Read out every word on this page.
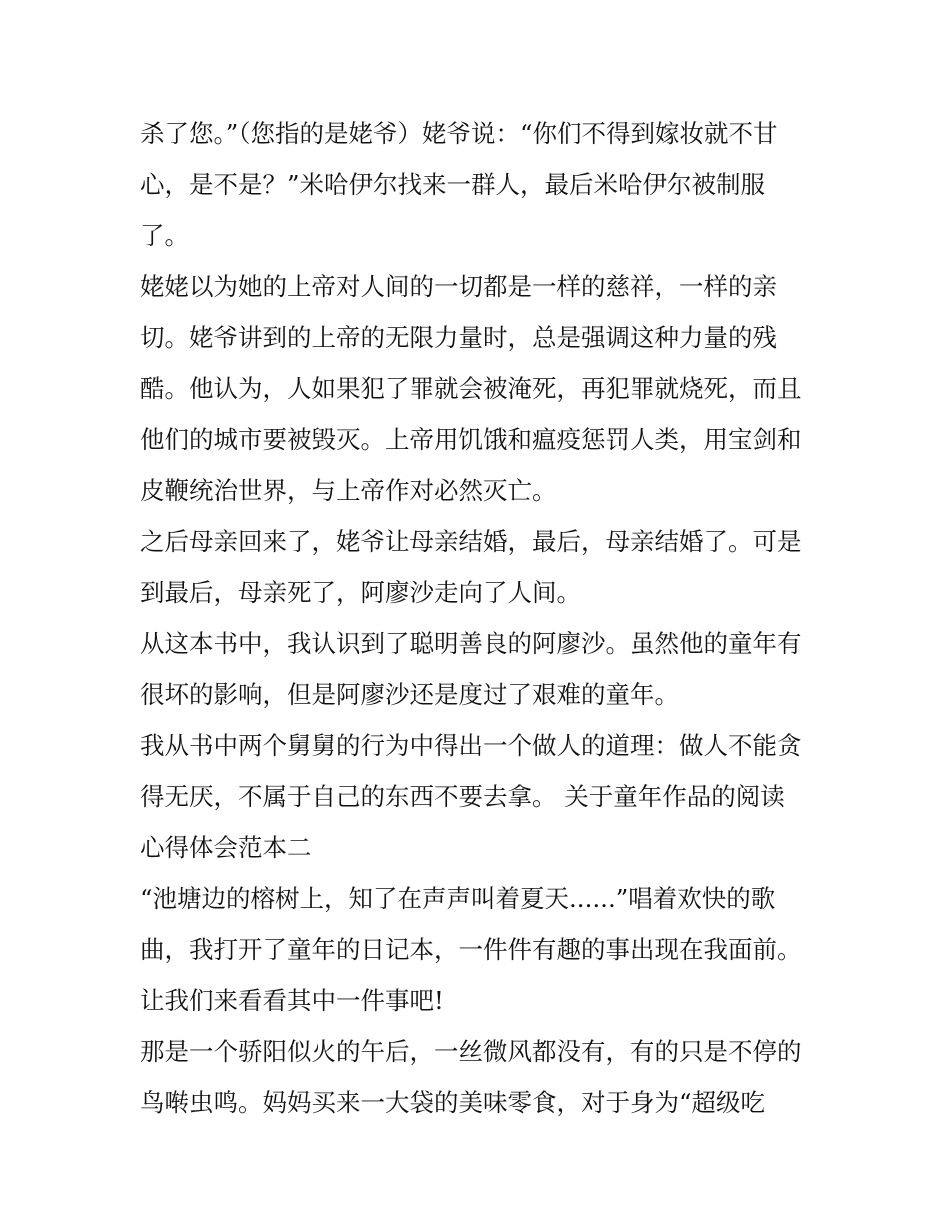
杀了您。”（您指的是姥爷）姥爷说：“你们不得到嫁妆就不甘
心，是不是？”米哈伊尔找来一群人，最后米哈伊尔被制服
了。
姥姥以为她的上帝对人间的一切都是一样的慈祥，一样的亲
切。姥爷讲到的上帝的无限力量时，总是强调这种力量的残
酷。他认为，人如果犯了罪就会被淹死，再犯罪就烧死，而且
他们的城市要被毁灭。上帝用饥饿和瘟疫惩罚人类，用宝剑和
皮鞭统治世界，与上帝作对必然灭亡。
之后母亲回来了，姥爷让母亲结婚，最后，母亲结婚了。可是
到最后，母亲死了，阿廖沙走向了人间。
从这本书中，我认识到了聪明善良的阿廖沙。虽然他的童年有
很坏的影响，但是阿廖沙还是度过了艰难的童年。
我从书中两个舅舅的行为中得出一个做人的道理：做人不能贪
得无厌，不属于自己的东西不要去拿。 关于童年作品的阅读
心得体会范本二
“池塘边的榕树上，知了在声声叫着夏天......”唱着欢快的歌
曲，我打开了童年的日记本，一件件有趣的事出现在我面前。
让我们来看看其中一件事吧!
那是一个骄阳似火的午后，一丝微风都没有，有的只是不停的
鸟啭虫鸣。妈妈买来一大袋的美味零食，对于身为“超级吃
